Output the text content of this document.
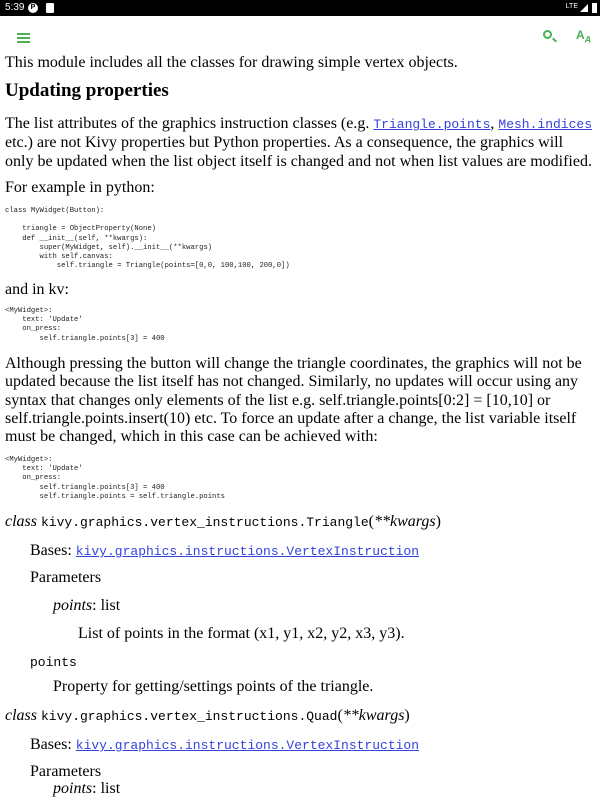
5:39 P	LTE
$A_A$
This module includes all the classes for drawing simple vertex objects.
Updating properties
The list attributes of the graphics instruction classes (e.g. Triangle.points, Mesh.indices etc.) are not Kivy properties but Python properties. As a consequence, the graphics will only be updated when the list object itself is changed and not when list values are modified.
For example in python:
class MyWidget(Button):

triangle = ObjectProperty(None)
def __init__(self, **kwargs):
super(MyWidget, self).__init__(**kwargs)
with self.canvas:
self.triangle = Triangle(points=[0,0, 100,100, 200,0])
and in kv:
<MyWidget>:
text: 'Update'
on_press:
self.triangle.points[3] = 400
Although pressing the button will change the triangle coordinates, the graphics will not be updated because the list itself has not changed. Similarly, no updates will occur using any syntax that changes only elements of the list e.g. self.triangle.points[0:2] = [10,10] or self.triangle.points.insert(10) etc. To force an update after a change, the list variable itself must be changed, which in this case can be achieved with:
<MyWidget>:
text: 'Update'
on_press:
self.triangle.points[3] = 400
self.triangle.points = self.triangle.points
class kivy.graphics.vertex_instructions.Triangle(**kwargs)
Bases: kivy.graphics.instructions.VertexInstruction
Parameters
points: list
List of points in the format (x1, y1, x2, y2, x3, y3).
points
Property for getting/settings points of the triangle.
class kivy.graphics.vertex_instructions.Quad(**kwargs)
Bases: kivy.graphics.instructions.VertexInstruction
Parameters
points: list
